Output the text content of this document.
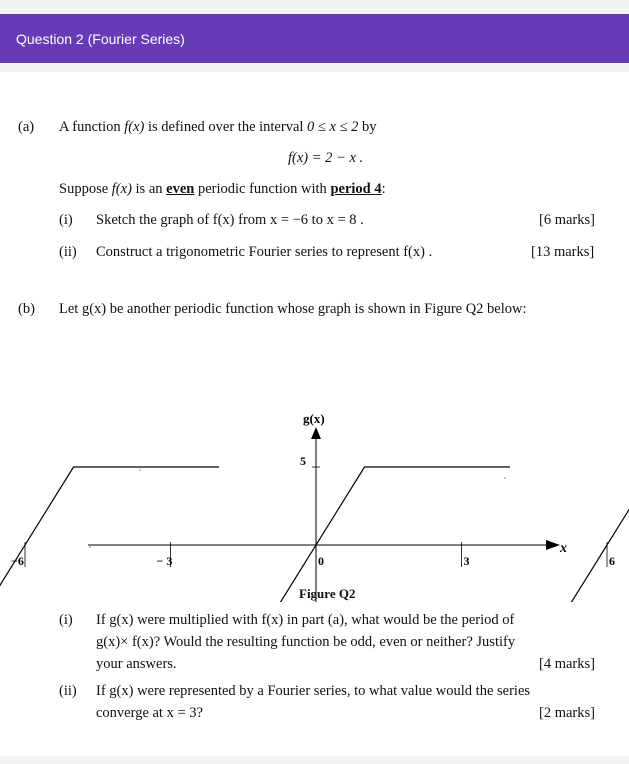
Question 2 (Fourier Series)
(a) A function f(x) is defined over the interval 0 ≤ x ≤ 2 by
f(x) = 2 − x .
Suppose f(x) is an even periodic function with period 4:
(i) Sketch the graph of f(x) from x = −6 to x = 8 .	[6 marks]
(ii) Construct a trigonometric Fourier series to represent f(x) .	[13 marks]
(b) Let g(x) be another periodic function whose graph is shown in Figure Q2 below:
−6	− 3	0	3	6
5
g(x)
x
Figure Q2
(i) If g(x) were multiplied with f(x) in part (a), what would be the period of
g(x)× f(x)? Would the resulting function be odd, even or neither? Justify
your answers.	[4 marks]
(ii) If g(x) were represented by a Fourier series, to what value would the series
converge at x = 3?	[2 marks]
